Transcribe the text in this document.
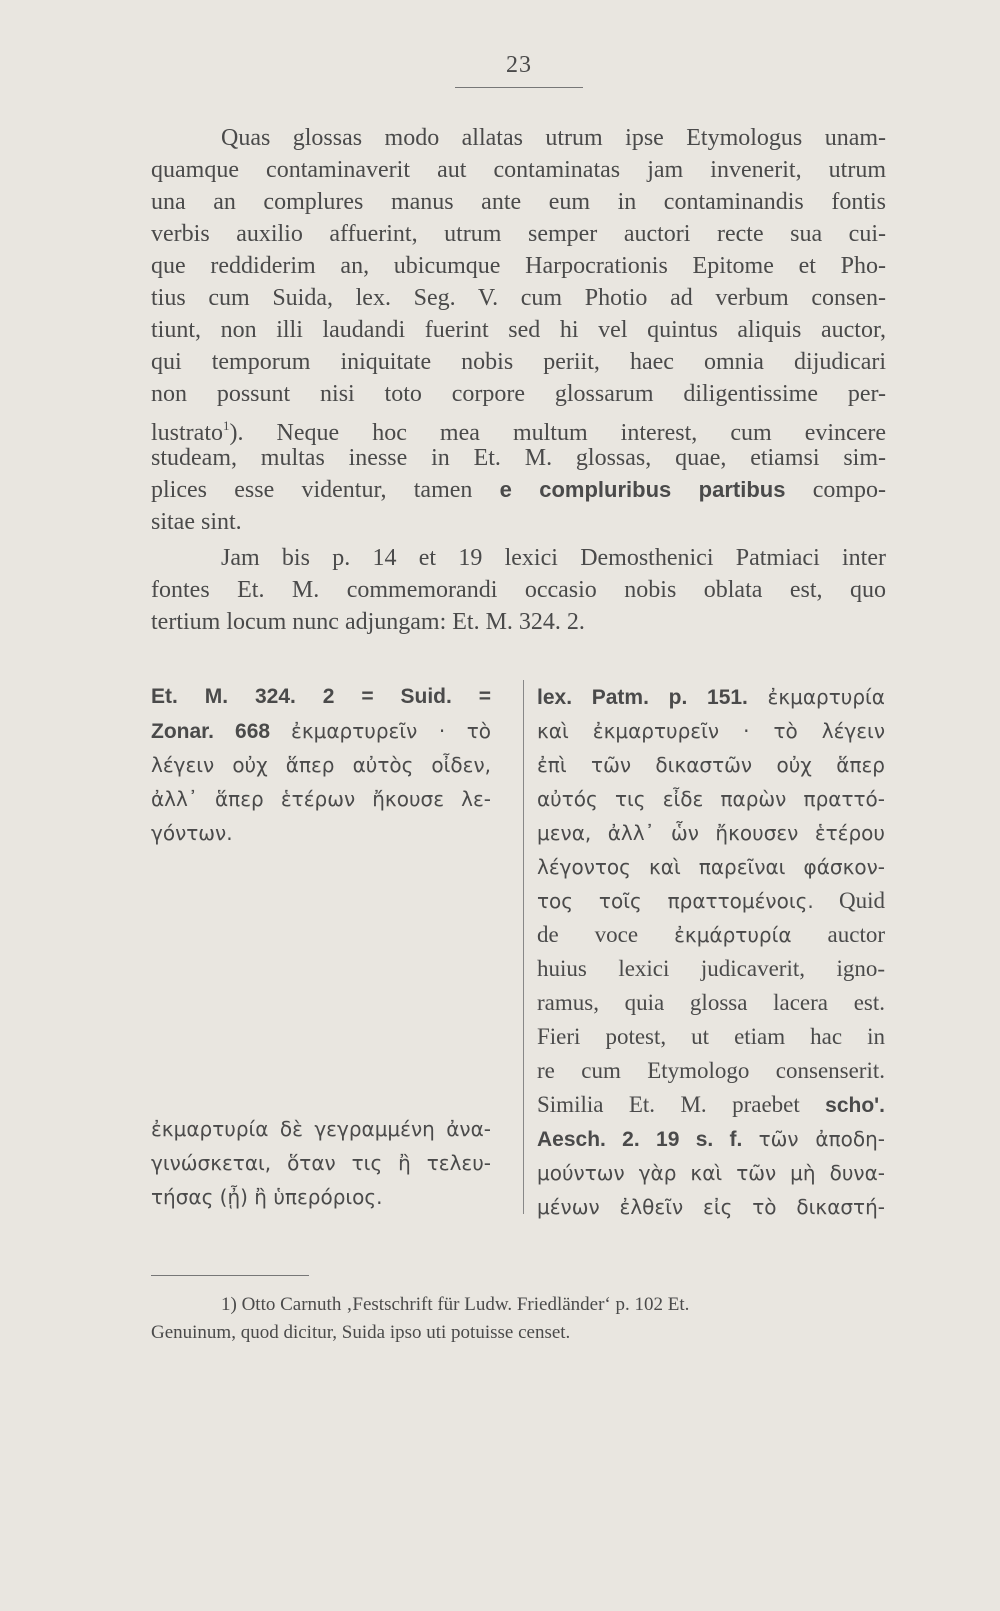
23
Quas glossas modo allatas utrum ipse Etymologus unam-
quamque contaminaverit aut contaminatas jam invenerit, utrum
una an complures manus ante eum in contaminandis fontis
verbis auxilio affuerint, utrum semper auctori recte sua cui-
que reddiderim an, ubicumque Harpocrationis Epitome et Pho-
tius cum Suida, lex. Seg. V. cum Photio ad verbum consen-
tiunt, non illi laudandi fuerint sed hi vel quintus aliquis auctor,
qui temporum iniquitate nobis periit, haec omnia dijudicari
non possunt nisi toto corpore glossarum diligentissime per-
lustrato$^1$). Neque hoc mea multum interest, cum evincere
studeam, multas inesse in Et. M. glossas, quae, etiamsi sim-
plices esse videntur, tamen e compluribus partibus compo-
sitae sint.
Jam bis p. 14 et 19 lexici Demosthenici Patmiaci inter
fontes Et. M. commemorandi occasio nobis oblata est, quo
tertium locum nunc adjungam: Et. M. 324. 2.
Et. M. 324. 2 = Suid. =
Zonar. 668 ἐκμαρτυρεῖν · τὸ
λέγειν οὐχ ἅπερ αὐτὸς οἶδεν,
ἀλλ᾽ ἅπερ ἑτέρων ἤκουσε λε-
γόντων.
ἐκμαρτυρία δὲ γεγραμμένη ἀνα-
γινώσκεται, ὅταν τις ἢ τελευ-
τήσας (ᾖ) ἢ ὑπερόριος.
lex. Patm. p. 151. ἐκμαρτυρία
καὶ ἐκμαρτυρεῖν · τὸ λέγειν
ἐπὶ τῶν δικαστῶν οὐχ ἅπερ
αὐτός τις εἶδε παρὼν πραττό-
μενα, ἀλλ᾽ ὧν ἤκουσεν ἑτέρου
λέγοντος καὶ παρεῖναι φάσκον-
τος τοῖς πραττομένοις. Quid
de voce ἐκμάρτυρία auctor
huius lexici judicaverit, igno-
ramus, quia glossa lacera est.
Fieri potest, ut etiam hac in
re cum Etymologo consenserit.
Similia Et. M. praebet scho'.
Aesch. 2. 19 s. f. τῶν ἀποδη-
μούντων γὰρ καὶ τῶν μὴ δυνα-
μένων ἐλθεῖν εἰς τὸ δικαστή-
1) Otto Carnuth ‚Festschrift für Ludw. Friedländer‘ p. 102 Et.
Genuinum, quod dicitur, Suida ipso uti potuisse censet.
